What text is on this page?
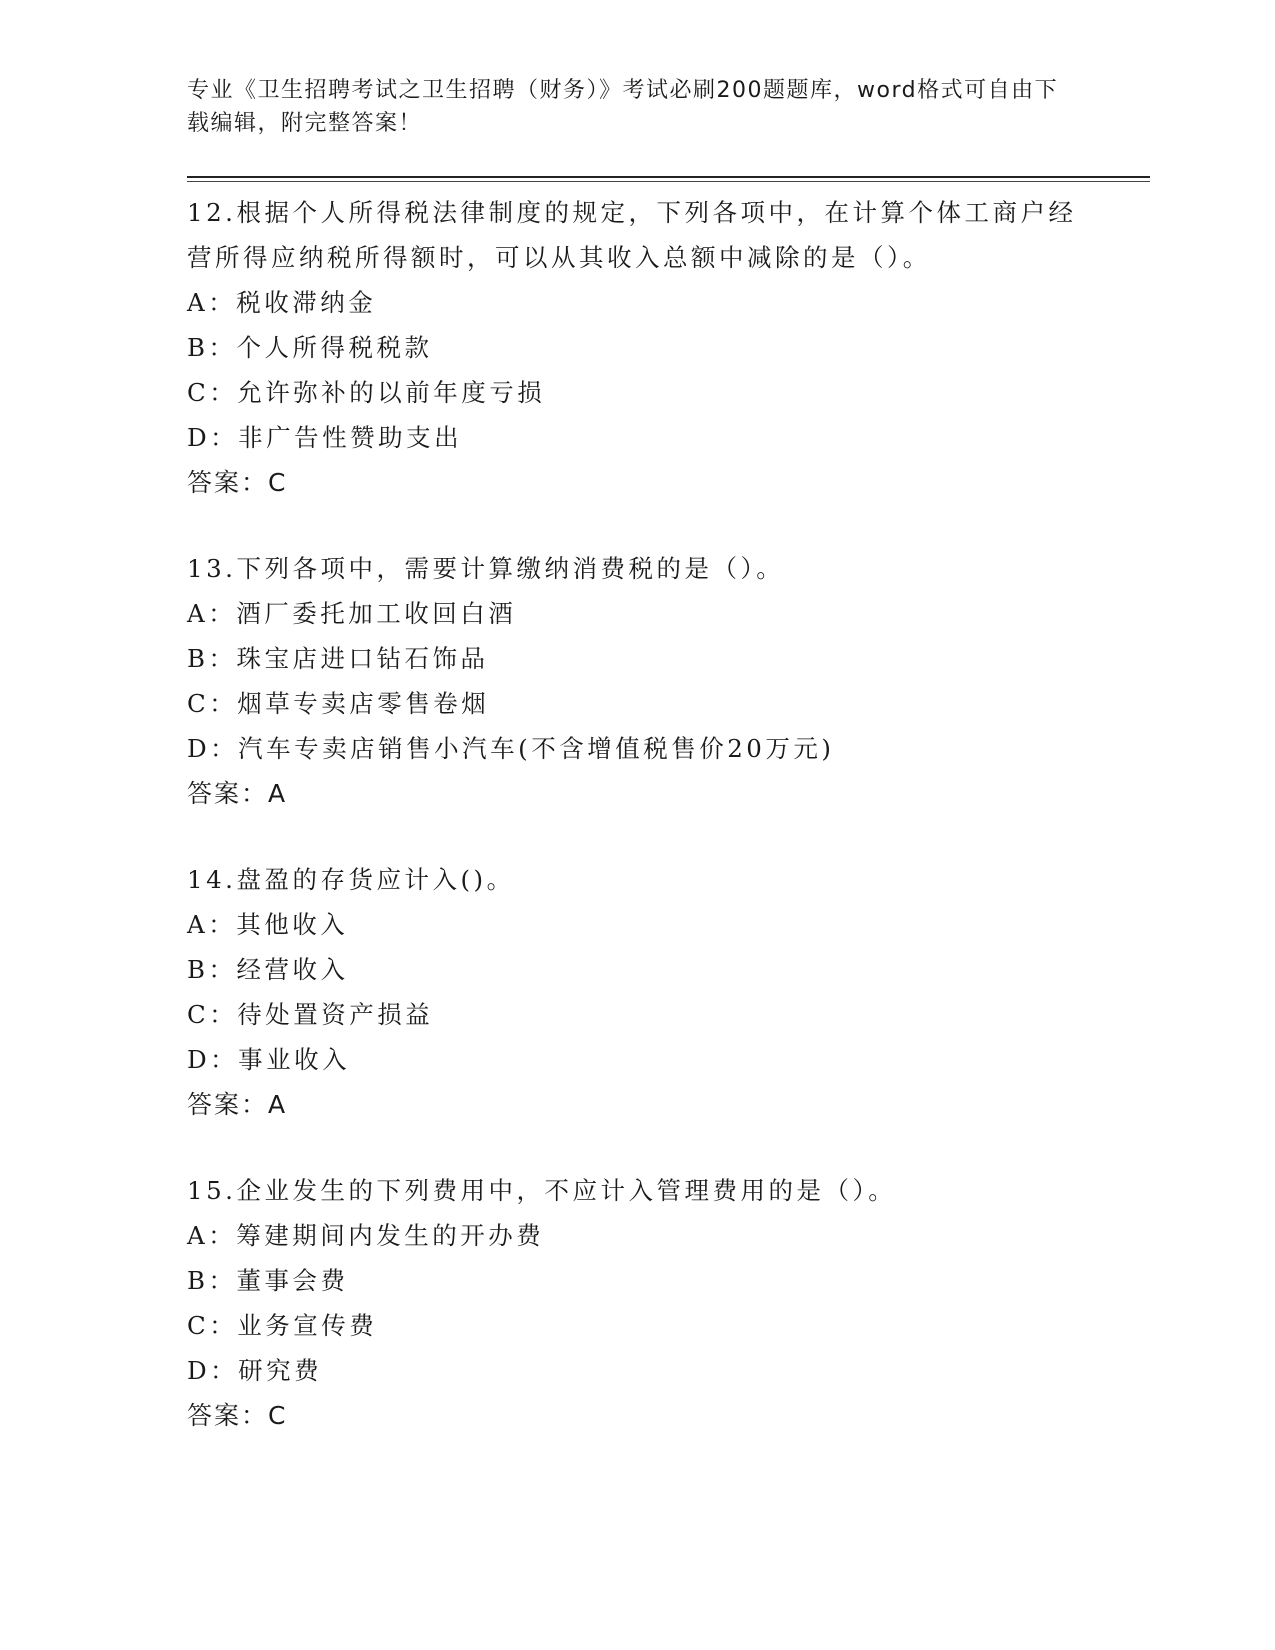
专业《卫生招聘考试之卫生招聘（财务）》考试必刷200题题库，word格式可自由下载编辑，附完整答案！

12.根据个人所得税法律制度的规定，下列各项中，在计算个体工商户经营所得应纳税所得额时，可以从其收入总额中减除的是（）。

A：税收滞纳金

B：个人所得税税款

C：允许弥补的以前年度亏损

D：非广告性赞助支出

答案：C

13.下列各项中，需要计算缴纳消费税的是（）。

A：酒厂委托加工收回白酒

B：珠宝店进口钻石饰品

C：烟草专卖店零售卷烟

D：汽车专卖店销售小汽车(不含增值税售价20万元)

答案：A

14.盘盈的存货应计入()。

A：其他收入

B：经营收入

C：待处置资产损益

D：事业收入

答案：A

15.企业发生的下列费用中，不应计入管理费用的是（）。

A：筹建期间内发生的开办费

B：董事会费

C：业务宣传费

D：研究费

答案：C
